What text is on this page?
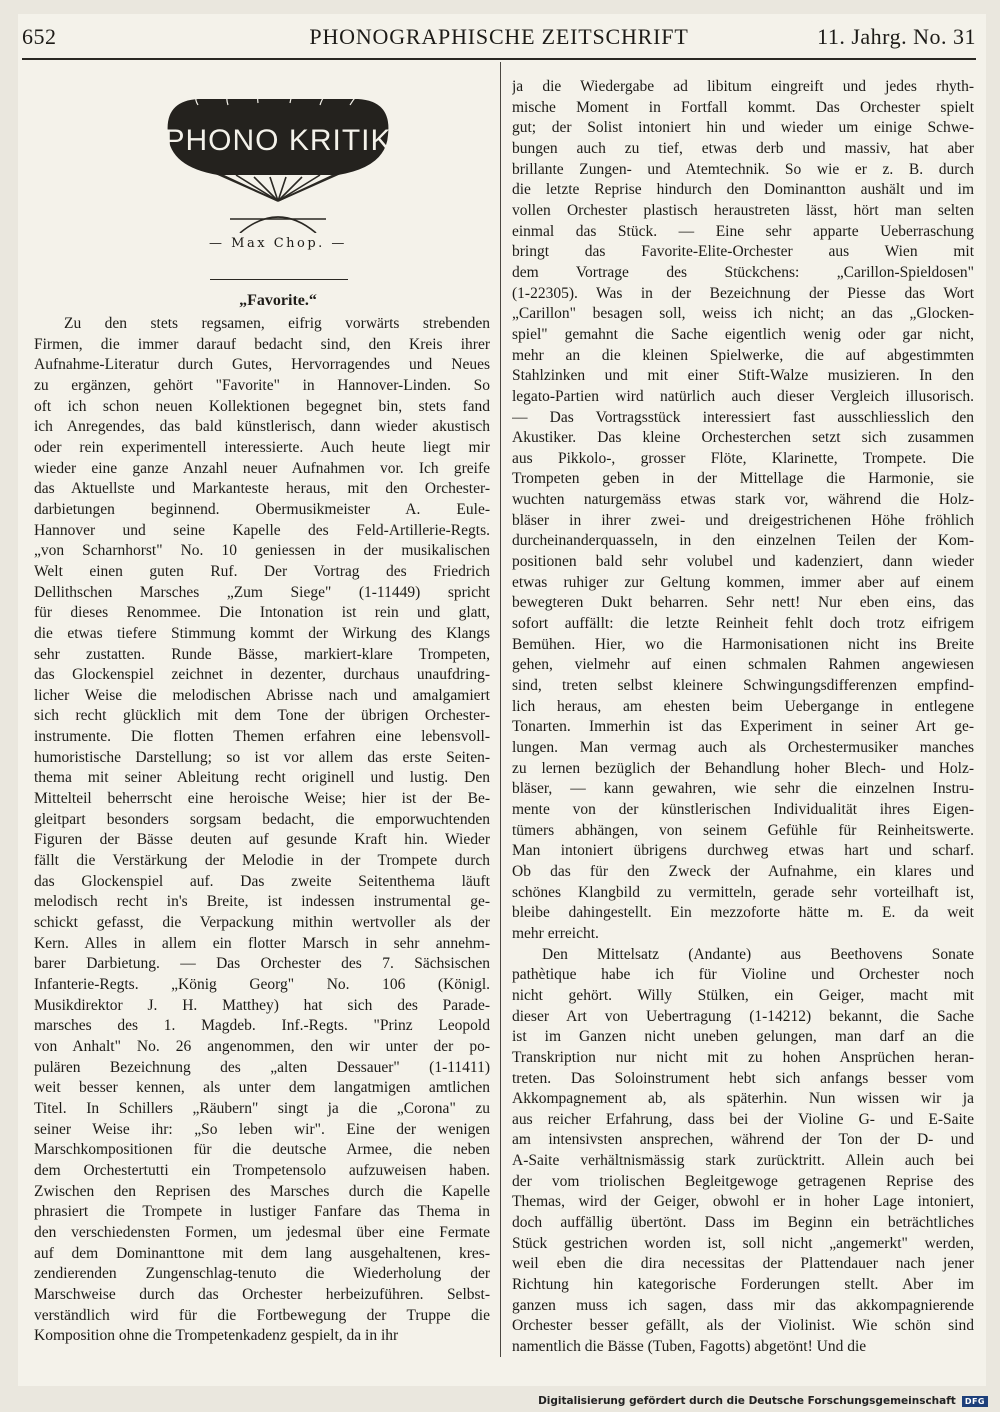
652	PHONOGRAPHISCHE ZEITSCHRIFT	11. Jahrg. No. 31
PHONO KRITIK
— Max Chop. —
„Favorite.“
Zu den stets regsamen, eifrig vorwärts strebenden
Firmen, die immer darauf bedacht sind, den Kreis ihrer
Aufnahme-Literatur durch Gutes, Hervorragendes und Neues
zu ergänzen, gehört "Favorite" in Hannover-Linden. So
oft ich schon neuen Kollektionen begegnet bin, stets fand
ich Anregendes, das bald künstlerisch, dann wieder akustisch
oder rein experimentell interessierte. Auch heute liegt mir
wieder eine ganze Anzahl neuer Aufnahmen vor. Ich greife
das Aktuellste und Markanteste heraus, mit den Orchester-
darbietungen beginnend. Obermusikmeister A. Eule-
Hannover und seine Kapelle des Feld-Artillerie-Regts.
„von Scharnhorst" No. 10 geniessen in der musikalischen
Welt einen guten Ruf. Der Vortrag des Friedrich
Dellithschen Marsches „Zum Siege" (1-11449) spricht
für dieses Renommee. Die Intonation ist rein und glatt,
die etwas tiefere Stimmung kommt der Wirkung des Klangs
sehr zustatten. Runde Bässe, markiert-klare Trompeten,
das Glockenspiel zeichnet in dezenter, durchaus unaufdring-
licher Weise die melodischen Abrisse nach und amalgamiert
sich recht glücklich mit dem Tone der übrigen Orchester-
instrumente. Die flotten Themen erfahren eine lebensvoll-
humoristische Darstellung; so ist vor allem das erste Seiten-
thema mit seiner Ableitung recht originell und lustig. Den
Mittelteil beherrscht eine heroische Weise; hier ist der Be-
gleitpart besonders sorgsam bedacht, die emporwuchtenden
Figuren der Bässe deuten auf gesunde Kraft hin. Wieder
fällt die Verstärkung der Melodie in der Trompete durch
das Glockenspiel auf. Das zweite Seitenthema läuft
melodisch recht in's Breite, ist indessen instrumental ge-
schickt gefasst, die Verpackung mithin wertvoller als der
Kern. Alles in allem ein flotter Marsch in sehr annehm-
barer Darbietung. — Das Orchester des 7. Sächsischen
Infanterie-Regts. „König Georg" No. 106 (Königl.
Musikdirektor J. H. Matthey) hat sich des Parade-
marsches des 1. Magdeb. Inf.-Regts. "Prinz Leopold
von Anhalt" No. 26 angenommen, den wir unter der po-
pulären Bezeichnung des „alten Dessauer" (1-11411)
weit besser kennen, als unter dem langatmigen amtlichen
Titel. In Schillers „Räubern" singt ja die „Corona" zu
seiner Weise ihr: „So leben wir". Eine der wenigen
Marschkompositionen für die deutsche Armee, die neben
dem Orchestertutti ein Trompetensolo aufzuweisen haben.
Zwischen den Reprisen des Marsches durch die Kapelle
phrasiert die Trompete in lustiger Fanfare das Thema in
den verschiedensten Formen, um jedesmal über eine Fermate
auf dem Dominanttone mit dem lang ausgehaltenen, kres-
zendierenden Zungenschlag-tenuto die Wiederholung der
Marschweise durch das Orchester herbeizuführen. Selbst-
verständlich wird für die Fortbewegung der Truppe die
Komposition ohne die Trompetenkadenz gespielt, da in ihr
ja die Wiedergabe ad libitum eingreift und jedes rhyth-
mische Moment in Fortfall kommt. Das Orchester spielt
gut; der Solist intoniert hin und wieder um einige Schwe-
bungen auch zu tief, etwas derb und massiv, hat aber
brillante Zungen- und Atemtechnik. So wie er z. B. durch
die letzte Reprise hindurch den Dominantton aushält und im
vollen Orchester plastisch heraustreten lässt, hört man selten
einmal das Stück. — Eine sehr apparte Ueberraschung
bringt das Favorite-Elite-Orchester aus Wien mit
dem Vortrage des Stückchens: „Carillon-Spieldosen"
(1-22305). Was in der Bezeichnung der Piesse das Wort
„Carillon" besagen soll, weiss ich nicht; an das „Glocken-
spiel" gemahnt die Sache eigentlich wenig oder gar nicht,
mehr an die kleinen Spielwerke, die auf abgestimmten
Stahlzinken und mit einer Stift-Walze musizieren. In den
legato-Partien wird natürlich auch dieser Vergleich illusorisch.
— Das Vortragsstück interessiert fast ausschliesslich den
Akustiker. Das kleine Orchesterchen setzt sich zusammen
aus Pikkolo-, grosser Flöte, Klarinette, Trompete. Die
Trompeten geben in der Mittellage die Harmonie, sie
wuchten naturgemäss etwas stark vor, während die Holz-
bläser in ihrer zwei- und dreigestrichenen Höhe fröhlich
durcheinanderquasseln, in den einzelnen Teilen der Kom-
positionen bald sehr volubel und kadenziert, dann wieder
etwas ruhiger zur Geltung kommen, immer aber auf einem
bewegteren Dukt beharren. Sehr nett! Nur eben eins, das
sofort auffällt: die letzte Reinheit fehlt doch trotz eifrigem
Bemühen. Hier, wo die Harmonisationen nicht ins Breite
gehen, vielmehr auf einen schmalen Rahmen angewiesen
sind, treten selbst kleinere Schwingungsdifferenzen empfind-
lich heraus, am ehesten beim Uebergange in entlegene
Tonarten. Immerhin ist das Experiment in seiner Art ge-
lungen. Man vermag auch als Orchestermusiker manches
zu lernen bezüglich der Behandlung hoher Blech- und Holz-
bläser, — kann gewahren, wie sehr die einzelnen Instru-
mente von der künstlerischen Individualität ihres Eigen-
tümers abhängen, von seinem Gefühle für Reinheitswerte.
Man intoniert übrigens durchweg etwas hart und scharf.
Ob das für den Zweck der Aufnahme, ein klares und
schönes Klangbild zu vermitteln, gerade sehr vorteilhaft ist,
bleibe dahingestellt. Ein mezzoforte hätte m. E. da weit
mehr erreicht.
Den Mittelsatz (Andante) aus Beethovens Sonate
pathètique habe ich für Violine und Orchester noch
nicht gehört. Willy Stülken, ein Geiger, macht mit
dieser Art von Uebertragung (1-14212) bekannt, die Sache
ist im Ganzen nicht uneben gelungen, man darf an die
Transkription nur nicht mit zu hohen Ansprüchen heran-
treten. Das Soloinstrument hebt sich anfangs besser vom
Akkompagnement ab, als späterhin. Nun wissen wir ja
aus reicher Erfahrung, dass bei der Violine G- und E-Saite
am intensivsten ansprechen, während der Ton der D- und
A-Saite verhältnismässig stark zurücktritt. Allein auch bei
der vom triolischen Begleitgewoge getragenen Reprise des
Themas, wird der Geiger, obwohl er in hoher Lage intoniert,
doch auffällig übertönt. Dass im Beginn ein beträchtliches
Stück gestrichen worden ist, soll nicht „angemerkt" werden,
weil eben die dira necessitas der Plattendauer nach jener
Richtung hin kategorische Forderungen stellt. Aber im
ganzen muss ich sagen, dass mir das akkompagnierende
Orchester besser gefällt, als der Violinist. Wie schön sind
namentlich die Bässe (Tuben, Fagotts) abgetönt! Und die
Digitalisierung gefördert durch die Deutsche Forschungsgemeinschaft	DFG
